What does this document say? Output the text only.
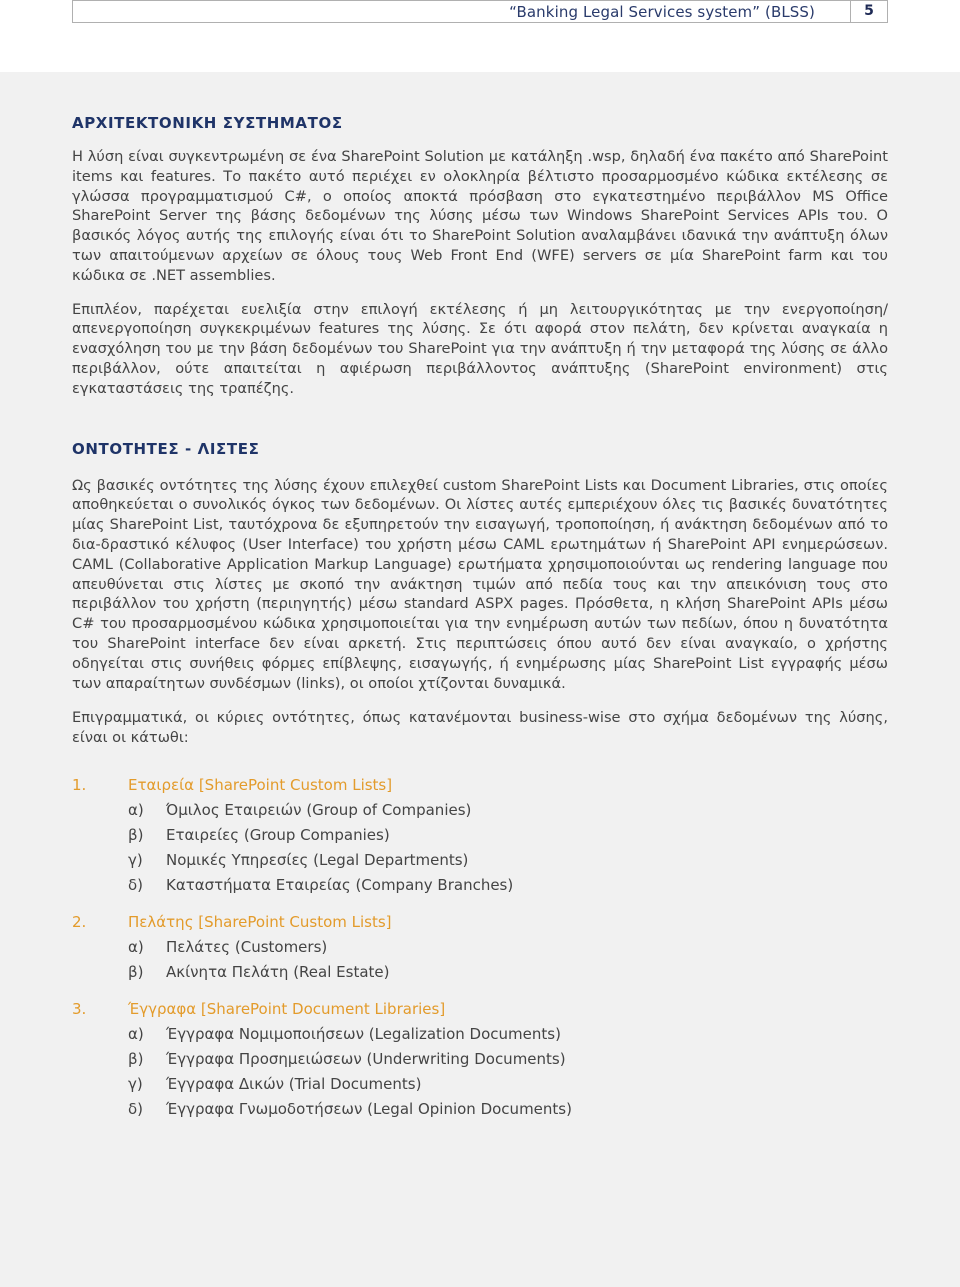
“Banking Legal Services system” (BLSS)	5
ΑΡΧΙΤΕΚΤΟΝΙΚΗ ΣΥΣΤΗΜΑΤΟΣ

Η λύση είναι συγκεντρωμένη σε ένα SharePoint Solution με κατάληξη .wsp, δηλαδή ένα πακέτο από SharePoint items και features. Το πακέτο αυτό περιέχει εν ολοκληρία βέλτιστο προσαρμοσμένο κώδικα εκτέλεσης σε γλώσσα προγραμματισμού C#, ο οποίος αποκτά πρόσβαση στο εγκατεστημένο περιβάλλον MS Office SharePoint Server της βάσης δεδομένων της λύσης μέσω των Windows SharePoint Services APIs του. Ο βασικός λόγος αυτής της επιλογής είναι ότι το SharePoint Solution αναλαμβάνει ιδανικά την ανάπτυξη όλων των απαιτούμενων αρχείων σε όλους τους Web Front End (WFE) servers σε μία SharePoint farm και του κώδικα σε .NET assemblies.

Επιπλέον, παρέχεται ευελιξία στην επιλογή εκτέλεσης ή μη λειτουργικότητας με την ενεργοποίηση/απενεργοποίηση συγκεκριμένων features της λύσης. Σε ότι αφορά στον πελάτη, δεν κρίνεται αναγκαία η ενασχόληση του με την βάση δεδομένων του SharePoint για την ανάπτυξη ή την μεταφορά της λύσης σε άλλο περιβάλλον, ούτε απαιτείται η αφιέρωση περιβάλλοντος ανάπτυξης (SharePoint environment) στις εγκαταστάσεις της τραπέζης.

ΟΝΤΟΤΗΤΕΣ - ΛΙΣΤΕΣ

Ως βασικές οντότητες της λύσης έχουν επιλεχθεί custom SharePoint Lists και Document Libraries, στις οποίες αποθηκεύεται ο συνολικός όγκος των δεδομένων. Οι λίστες αυτές εμπεριέχουν όλες τις βασικές δυνατότητες μίας SharePoint List, ταυτόχρονα δε εξυπηρετούν την εισαγωγή, τροποποίηση, ή ανάκτηση δεδομένων από το δια-δραστικό κέλυφος (User Interface) του χρήστη μέσω CAML ερωτημάτων ή SharePoint API ενημερώσεων. CAML (Collaborative Application Markup Language) ερωτήματα χρησιμοποιούνται ως rendering language που απευθύνεται στις λίστες με σκοπό την ανάκτηση τιμών από πεδία τους και την απεικόνιση τους στο περιβάλλον του χρήστη (περιηγητής) μέσω standard ASPX pages. Πρόσθετα, η κλήση SharePoint APIs μέσω C# του προσαρμοσμένου κώδικα χρησιμοποιείται για την ενημέρωση αυτών των πεδίων, όπου η δυνατότητα του SharePoint interface δεν είναι αρκετή. Στις περιπτώσεις όπου αυτό δεν είναι αναγκαίο, ο χρήστης οδηγείται στις συνήθεις φόρμες επίβλεψης, εισαγωγής, ή ενημέρωσης μίας SharePoint List εγγραφής μέσω των απαραίτητων συνδέσμων (links), οι οποίοι χτίζονται δυναμικά.

Επιγραμματικά, οι κύριες οντότητες, όπως κατανέμονται business-wise στο σχήμα δεδομένων της λύσης, είναι οι κάτωθι:

1.	Εταιρεία [SharePoint Custom Lists]
α)	Όμιλος Εταιρειών (Group of Companies)
β)	Εταιρείες (Group Companies)
γ)	Νομικές Υπηρεσίες (Legal Departments)
δ)	Καταστήματα Εταιρείας (Company Branches)
2.	Πελάτης [SharePoint Custom Lists]
α)	Πελάτες (Customers)
β)	Ακίνητα Πελάτη (Real Estate)
3.	Έγγραφα [SharePoint Document Libraries]
α)	Έγγραφα Νομιμοποιήσεων (Legalization Documents)
β)	Έγγραφα Προσημειώσεων (Underwriting Documents)
γ)	Έγγραφα Δικών (Trial Documents)
δ)	Έγγραφα Γνωμοδοτήσεων (Legal Opinion Documents)
